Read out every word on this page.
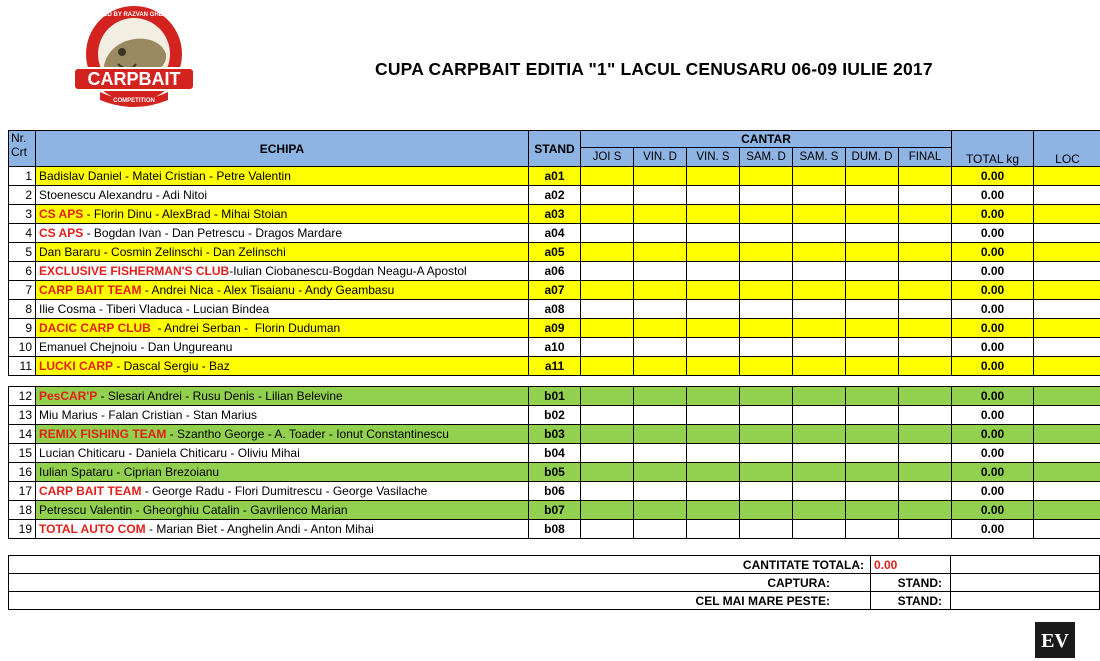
CARPBAIT
COMPETITION
CREATED BY RAZVAN GHEORGHE
CUPA CARPBAIT EDITIA "1" LACUL CENUSARU 06-09 IULIE 2017
Nr.
Crt	ECHIPA	STAND	CANTAR							TOTAL kg	LOC
			JOI S	VIN. D	VIN. S	SAM. D	SAM. S	DUM. D	FINAL		
1	Badislav Daniel - Matei Cristian - Petre Valentin	a01								0.00	
2	Stoenescu Alexandru - Adi Nitoi	a02								0.00	
3	CS APS - Florin Dinu - AlexBrad - Mihai Stoian	a03								0.00	
4	CS APS - Bogdan Ivan - Dan Petrescu - Dragos Mardare	a04								0.00	
5	Dan Bararu - Cosmin Zelinschi - Dan Zelinschi	a05								0.00	
6	EXCLUSIVE FISHERMAN'S CLUB-Iulian Ciobanescu-Bogdan Neagu-A Apostol	a06								0.00	
7	CARP BAIT TEAM - Andrei Nica - Alex Tisaianu - Andy Geambasu	a07								0.00	
8	Ilie Cosma - Tiberi Vladuca - Lucian Bindea	a08								0.00	
9	DACIC CARP CLUB  - Andrei Serban -  Florin Duduman	a09								0.00	
10	Emanuel Chejnoiu - Dan Ungureanu	a10								0.00	
11	LUCKI CARP - Dascal Sergiu - Baz	a11								0.00	
12	PesCAR'P - Slesari Andrei - Rusu Denis - Lilian Belevine	b01								0.00	
13	Miu Marius - Falan Cristian - Stan Marius	b02								0.00	
14	REMIX FISHING TEAM - Szantho George - A. Toader - Ionut Constantinescu	b03								0.00	
15	Lucian Chiticaru - Daniela Chiticaru - Oliviu Mihai	b04								0.00	
16	Iulian Spataru - Ciprian Brezoianu	b05								0.00	
17	CARP BAIT TEAM - George Radu - Flori Dumitrescu - George Vasilache	b06								0.00	
18	Petrescu Valentin - Gheorghiu Catalin - Gavrilenco Marian	b07								0.00	
19	TOTAL AUTO COM - Marian Biet - Anghelin Andi - Anton Mihai	b08								0.00	
CANTITATE TOTALA:	0.00	
CAPTURA:	STAND:	
CEL MAI MARE PESTE:	STAND:	
EV
